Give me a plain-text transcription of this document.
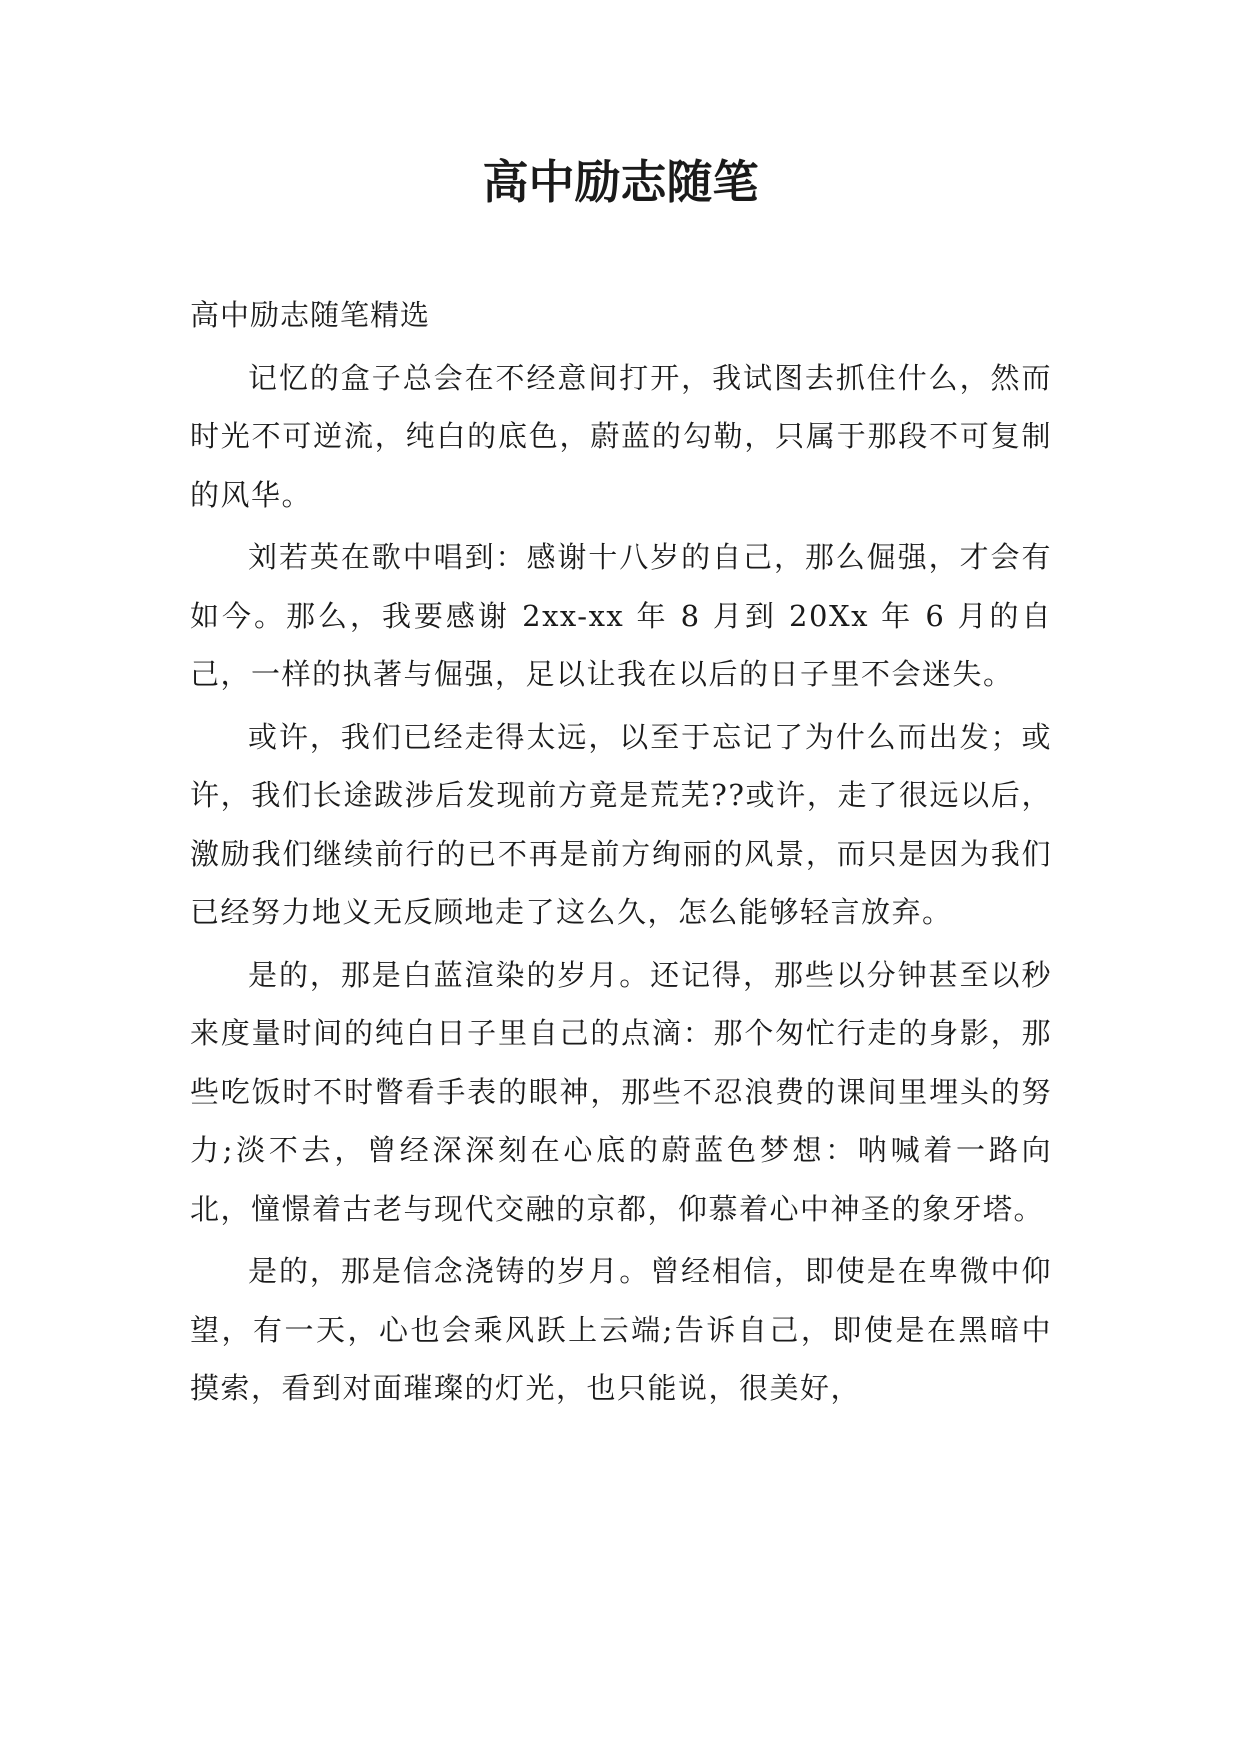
高中励志随笔

高中励志随笔精选

记忆的盒子总会在不经意间打开，我试图去抓住什么，然而时光不可逆流，纯白的底色，蔚蓝的勾勒，只属于那段不可复制的风华。

刘若英在歌中唱到：感谢十八岁的自己，那么倔强，才会有如今。那么，我要感谢 2xx-xx 年 8 月到 20Xx 年 6 月的自己，一样的执著与倔强，足以让我在以后的日子里不会迷失。

或许，我们已经走得太远，以至于忘记了为什么而出发；或许，我们长途跋涉后发现前方竟是荒芜??或许，走了很远以后，激励我们继续前行的已不再是前方绚丽的风景，而只是因为我们已经努力地义无反顾地走了这么久，怎么能够轻言放弃。

是的，那是白蓝渲染的岁月。还记得，那些以分钟甚至以秒来度量时间的纯白日子里自己的点滴：那个匆忙行走的身影，那些吃饭时不时瞥看手表的眼神，那些不忍浪费的课间里埋头的努力;淡不去，曾经深深刻在心底的蔚蓝色梦想：呐喊着一路向北，憧憬着古老与现代交融的京都，仰慕着心中神圣的象牙塔。

是的，那是信念浇铸的岁月。曾经相信，即使是在卑微中仰望，有一天，心也会乘风跃上云端;告诉自己，即使是在黑暗中摸索，看到对面璀璨的灯光，也只能说，很美好，
